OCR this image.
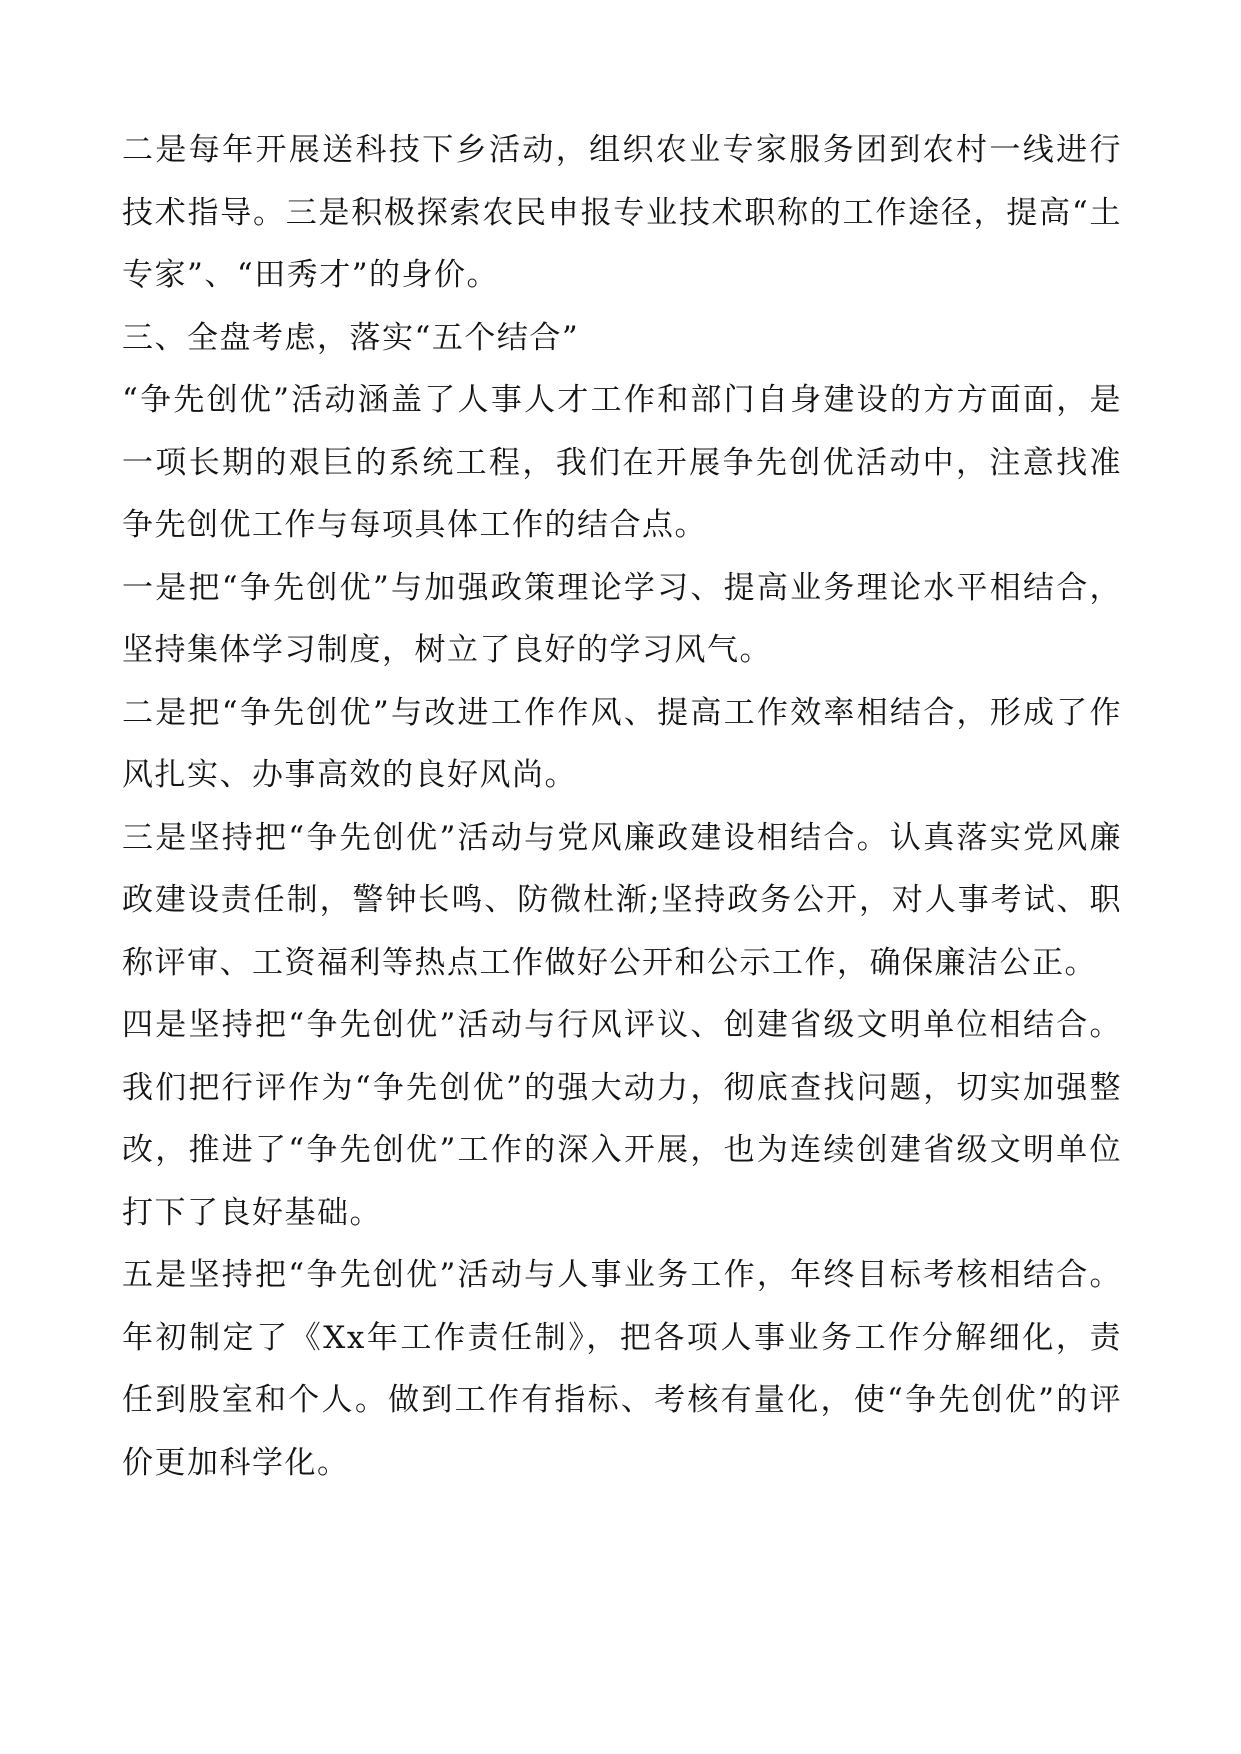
二是每年开展送科技下乡活动，组织农业专家服务团到农村一线进行技术指导。三是积极探索农民申报专业技术职称的工作途径，提高“土专家”、“田秀才”的身价。

三、全盘考虑，落实“五个结合”

“争先创优”活动涵盖了人事人才工作和部门自身建设的方方面面，是一项长期的艰巨的系统工程，我们在开展争先创优活动中，注意找准争先创优工作与每项具体工作的结合点。

一是把“争先创优”与加强政策理论学习、提高业务理论水平相结合，坚持集体学习制度，树立了良好的学习风气。

二是把“争先创优”与改进工作作风、提高工作效率相结合，形成了作风扎实、办事高效的良好风尚。

三是坚持把“争先创优”活动与党风廉政建设相结合。认真落实党风廉政建设责任制，警钟长鸣、防微杜渐;坚持政务公开，对人事考试、职称评审、工资福利等热点工作做好公开和公示工作，确保廉洁公正。

四是坚持把“争先创优”活动与行风评议、创建省级文明单位相结合。我们把行评作为“争先创优”的强大动力，彻底查找问题，切实加强整改，推进了“争先创优”工作的深入开展，也为连续创建省级文明单位打下了良好基础。

五是坚持把“争先创优”活动与人事业务工作，年终目标考核相结合。年初制定了《Xx年工作责任制》，把各项人事业务工作分解细化，责任到股室和个人。做到工作有指标、考核有量化，使“争先创优”的评价更加科学化。
